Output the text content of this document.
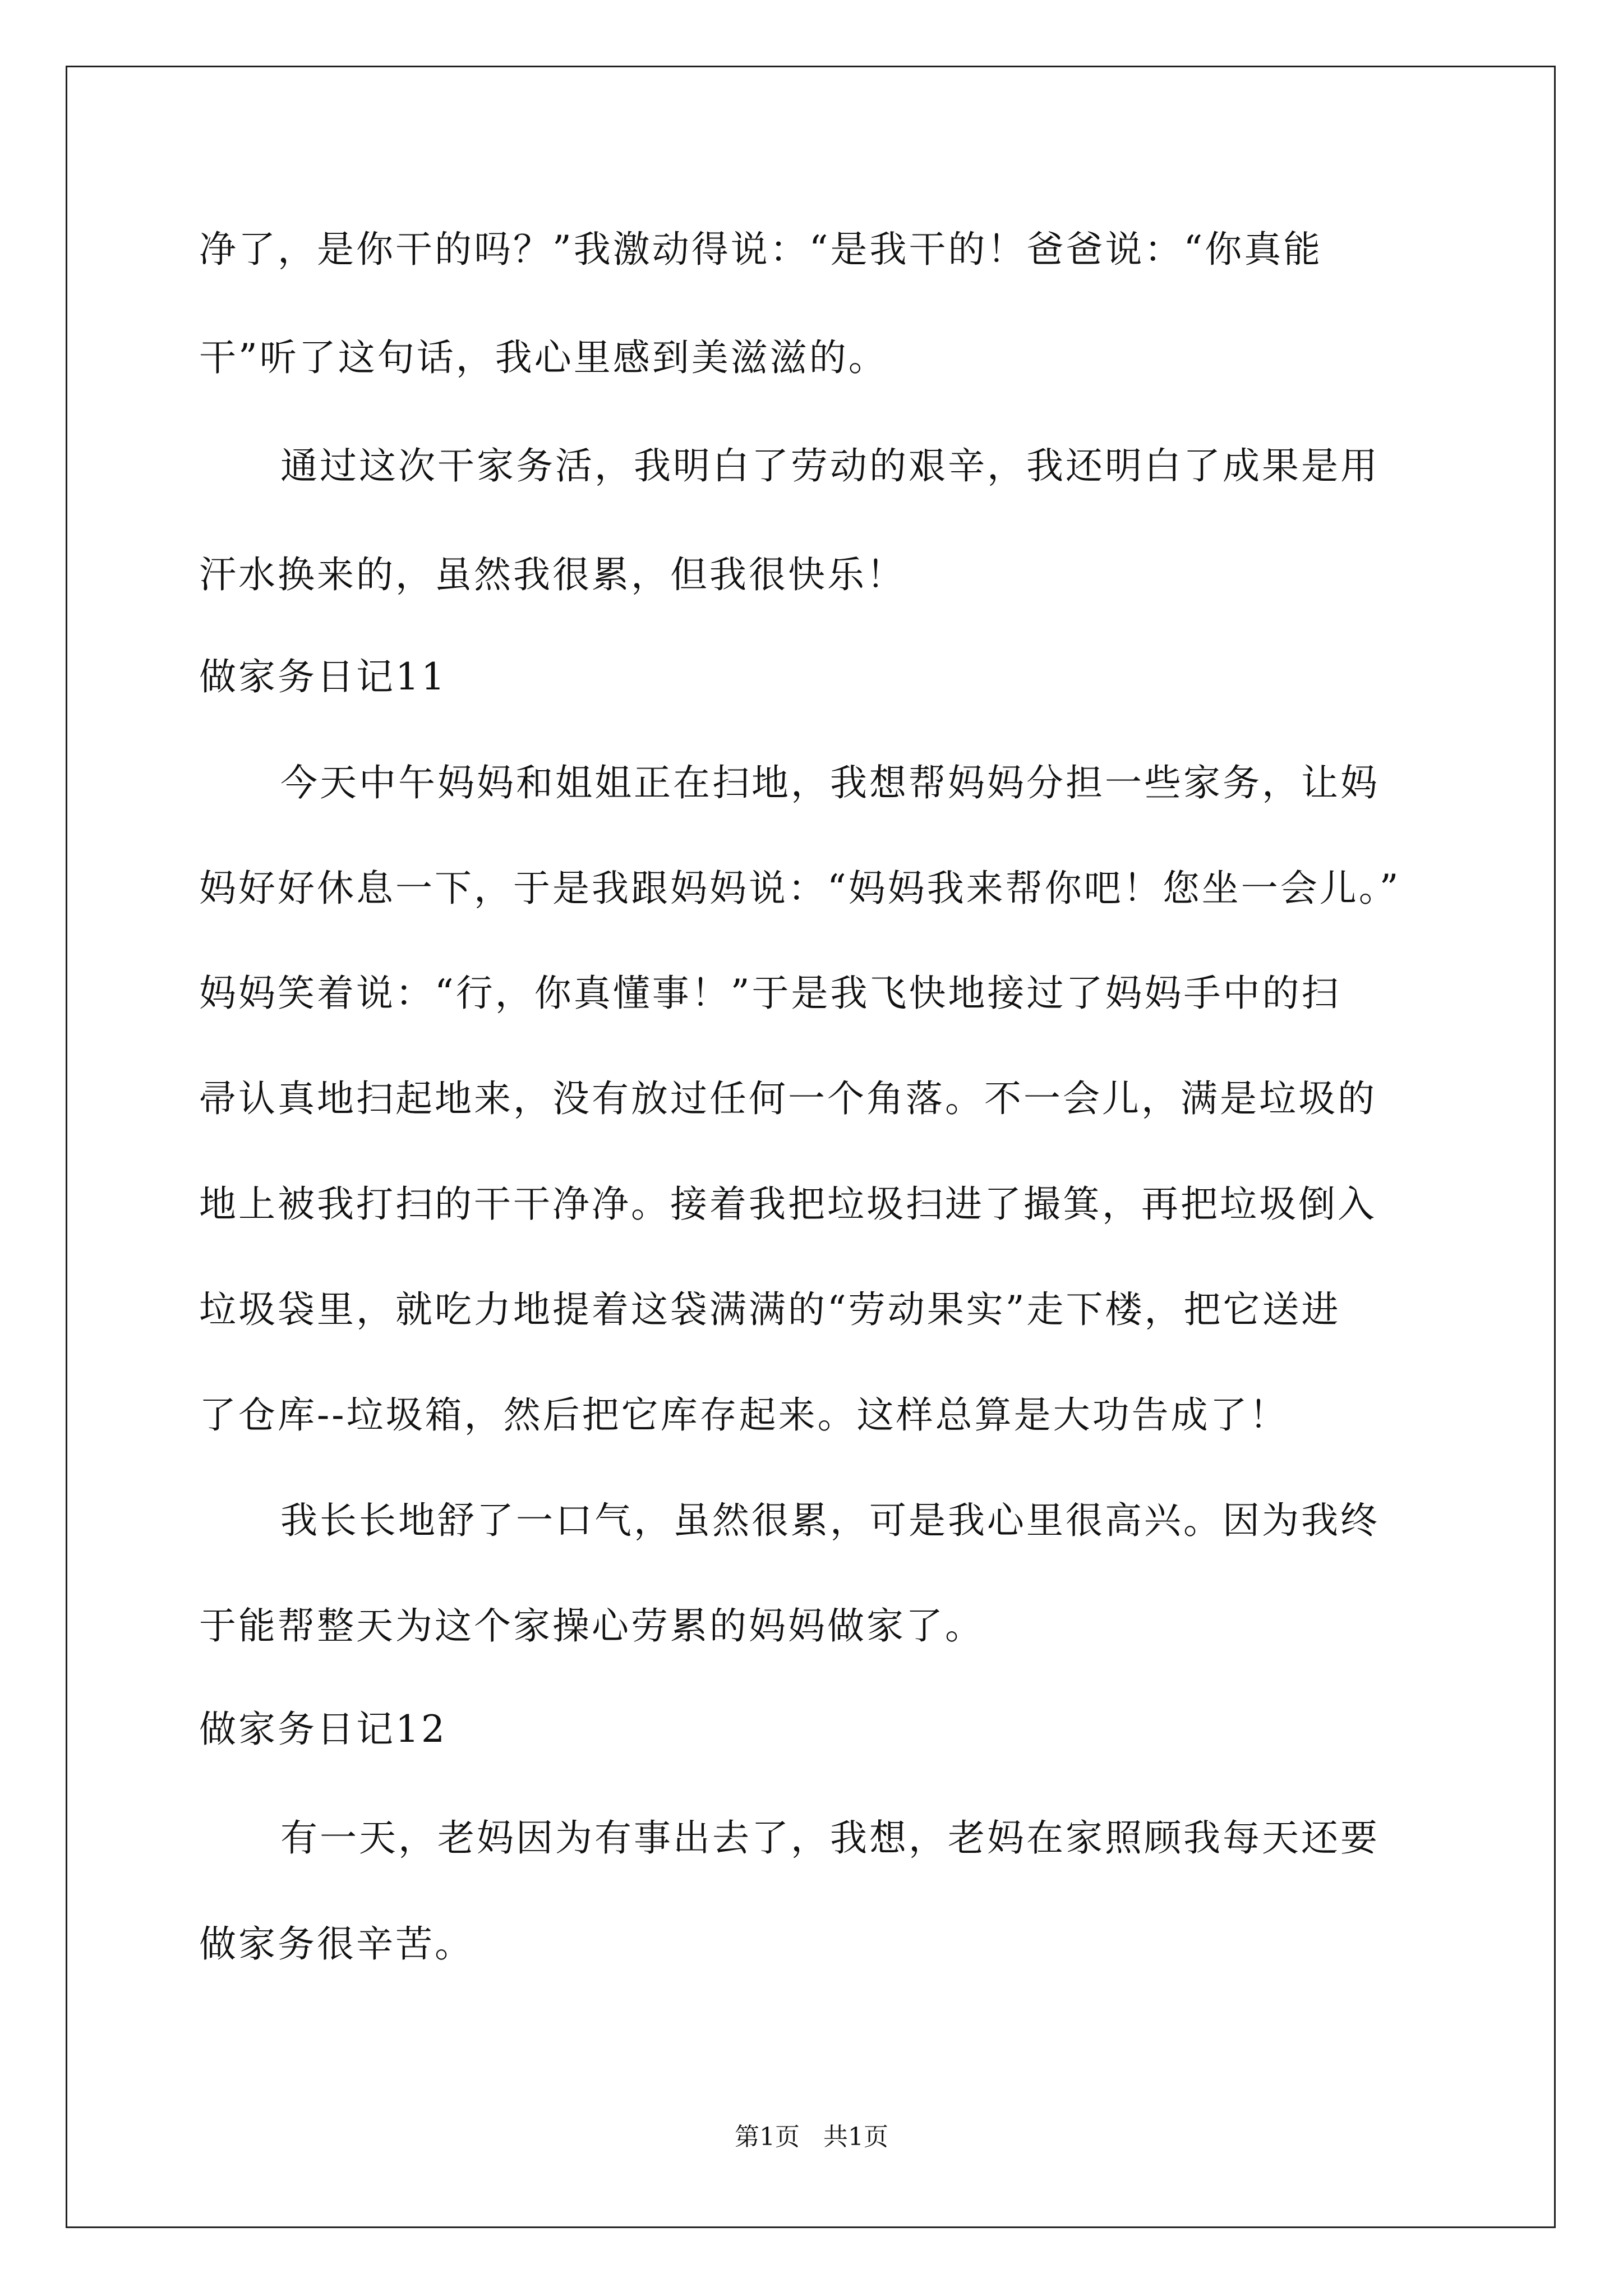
净了，是你干的吗？”我激动得说：“是我干的！爸爸说：“你真能
干”听了这句话，我心里感到美滋滋的。
通过这次干家务活，我明白了劳动的艰辛，我还明白了成果是用
汗水换来的，虽然我很累，但我很快乐！
做家务日记11
今天中午妈妈和姐姐正在扫地，我想帮妈妈分担一些家务，让妈
妈好好休息一下，于是我跟妈妈说：“妈妈我来帮你吧！您坐一会儿。”
妈妈笑着说：“行，你真懂事！”于是我飞快地接过了妈妈手中的扫
帚认真地扫起地来，没有放过任何一个角落。不一会儿，满是垃圾的
地上被我打扫的干干净净。接着我把垃圾扫进了撮箕，再把垃圾倒入
垃圾袋里，就吃力地提着这袋满满的“劳动果实”走下楼，把它送进
了仓库--垃圾箱，然后把它库存起来。这样总算是大功告成了！
我长长地舒了一口气，虽然很累，可是我心里很高兴。因为我终
于能帮整天为这个家操心劳累的妈妈做家了。
做家务日记12
有一天，老妈因为有事出去了，我想，老妈在家照顾我每天还要
做家务很辛苦。
第1页   共1页
